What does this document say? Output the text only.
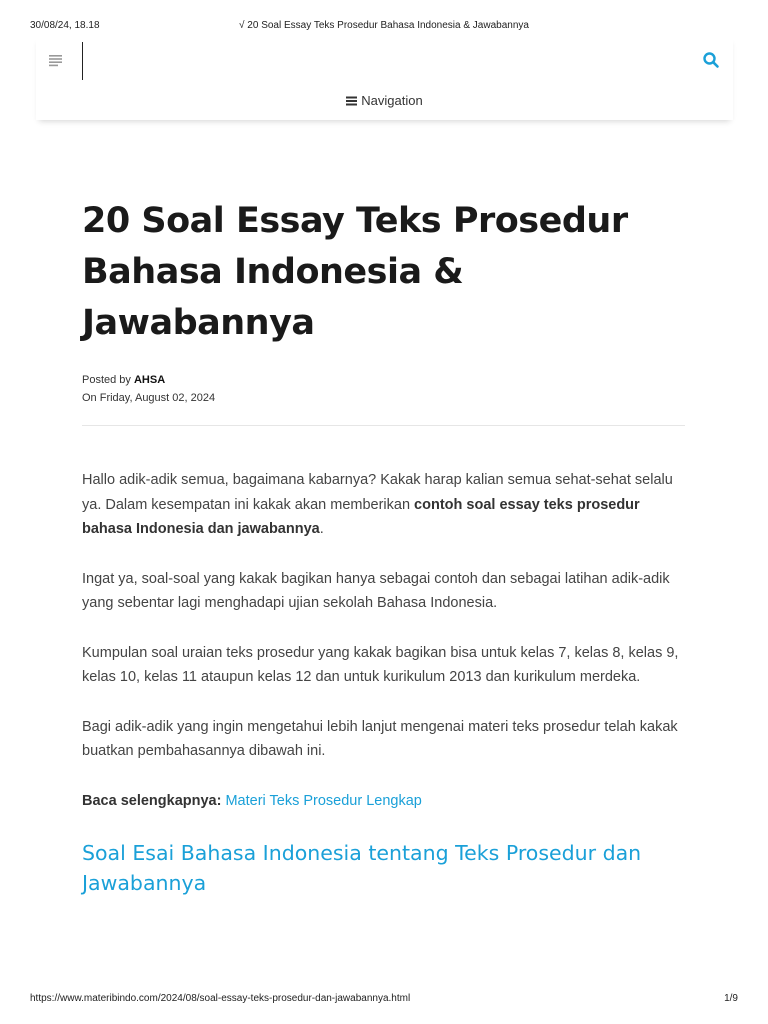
30/08/24, 18.18	√ 20 Soal Essay Teks Prosedur Bahasa Indonesia & Jawabannya
Navigation
20 Soal Essay Teks Prosedur Bahasa Indonesia & Jawabannya
Posted by AHSA
On Friday, August 02, 2024

Hallo adik-adik semua, bagaimana kabarnya? Kakak harap kalian semua sehat-sehat selalu ya. Dalam kesempatan ini kakak akan memberikan contoh soal essay teks prosedur bahasa Indonesia dan jawabannya.

Ingat ya, soal-soal yang kakak bagikan hanya sebagai contoh dan sebagai latihan adik-adik yang sebentar lagi menghadapi ujian sekolah Bahasa Indonesia.

Kumpulan soal uraian teks prosedur yang kakak bagikan bisa untuk kelas 7, kelas 8, kelas 9, kelas 10, kelas 11 ataupun kelas 12 dan untuk kurikulum 2013 dan kurikulum merdeka.

Bagi adik-adik yang ingin mengetahui lebih lanjut mengenai materi teks prosedur telah kakak buatkan pembahasannya dibawah ini.

Baca selengkapnya: Materi Teks Prosedur Lengkap

Soal Esai Bahasa Indonesia tentang Teks Prosedur dan Jawabannya
https://www.materibindo.com/2024/08/soal-essay-teks-prosedur-dan-jawabannya.html	1/9
